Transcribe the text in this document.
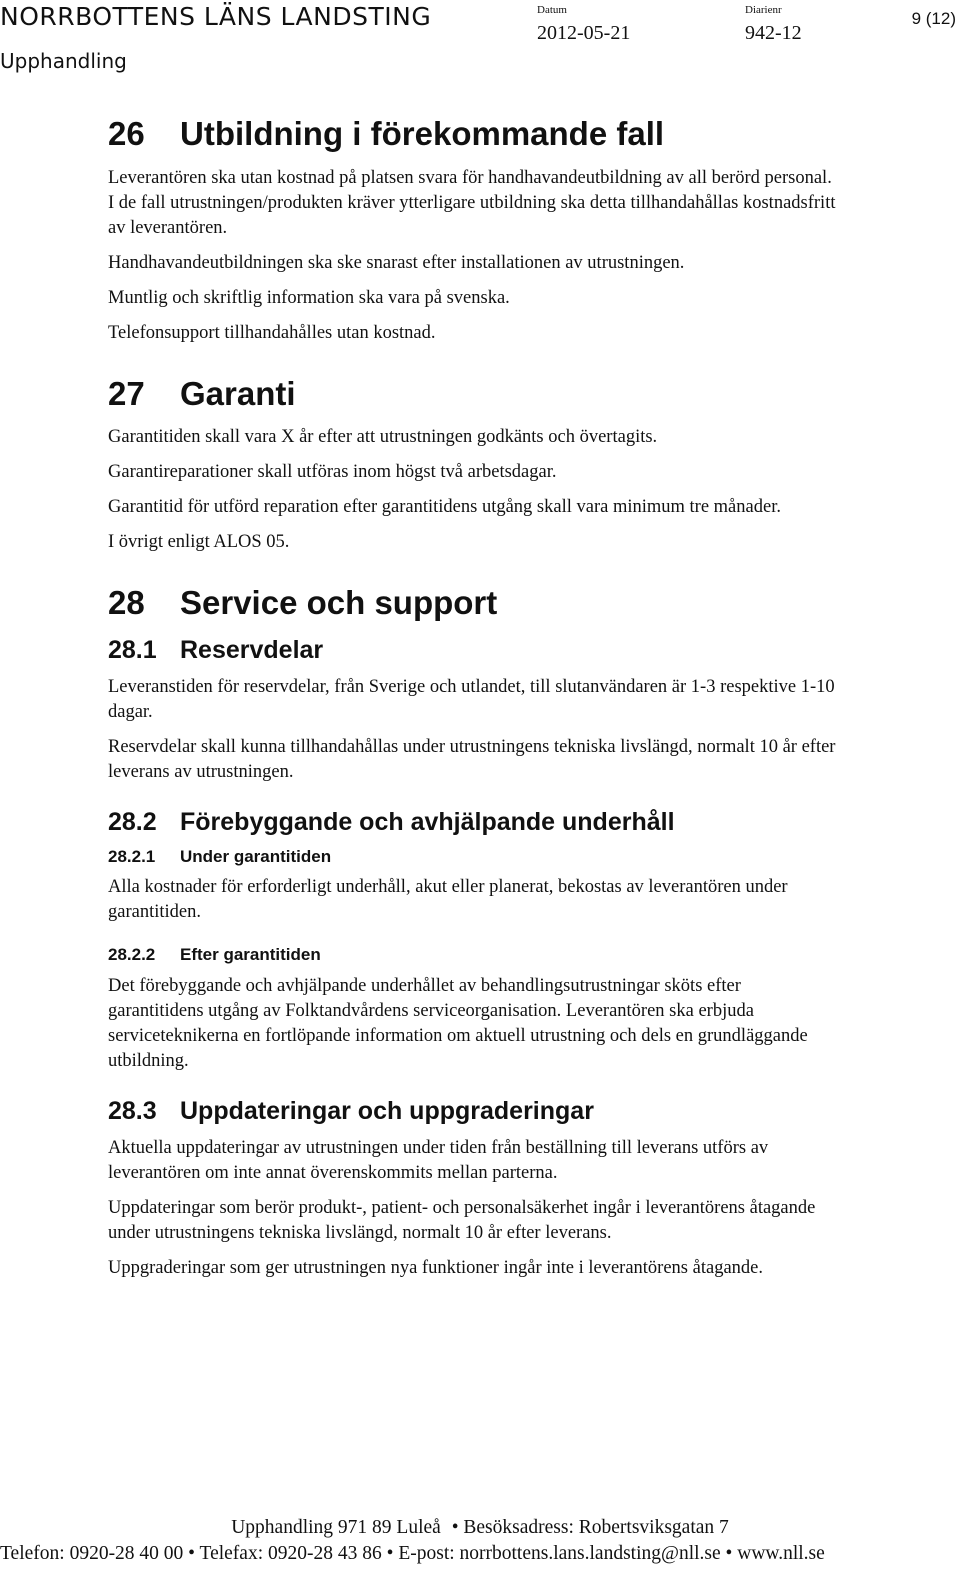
NORRBOTTENS LÄNS LANDSTING
Upphandling
Datum
2012-05-21
Diarienr
942-12
9 (12)
26	Utbildning i förekommande fall

Leverantören ska utan kostnad på platsen svara för handhavandeutbildning av all berörd personal. I de fall utrustningen/produkten kräver ytterligare utbildning ska detta tillhandahållas kostnadsfritt av leverantören.

Handhavandeutbildningen ska ske snarast efter installationen av utrustningen.

Muntlig och skriftlig information ska vara på svenska.

Telefonsupport tillhandahålles utan kostnad.

27	Garanti

Garantitiden skall vara X år efter att utrustningen godkänts och övertagits.

Garantireparationer skall utföras inom högst två arbetsdagar.

Garantitid för utförd reparation efter garantitidens utgång skall vara minimum tre månader.

I övrigt enligt ALOS 05.

28	Service och support
28.1 Reservdelar

Leveranstiden för reservdelar, från Sverige och utlandet, till slutanvändaren är 1-3 respektive 1-10 dagar.

Reservdelar skall kunna tillhandahållas under utrustningens tekniska livslängd, normalt 10 år efter leverans av utrustningen.

28.2 Förebyggande och avhjälpande underhåll
28.2.1	Under garantitiden

Alla kostnader för erforderligt underhåll, akut eller planerat, bekostas av leverantören under garantitiden.

28.2.2	Efter garantitiden

Det förebyggande och avhjälpande underhållet av behandlingsutrustningar sköts efter garantitidens utgång av Folktandvårdens serviceorganisation. Leverantören ska erbjuda serviceteknikerna en fortlöpande information om aktuell utrustning och dels en grundläggande utbildning.

28.3 Uppdateringar och uppgraderingar

Aktuella uppdateringar av utrustningen under tiden från beställning till leverans utförs av leverantören om inte annat överenskommits mellan parterna.

Uppdateringar som berör produkt-, patient- och personalsäkerhet ingår i leverantörens åtagande under utrustningens tekniska livslängd, normalt 10 år efter leverans.

Uppgraderingar som ger utrustningen nya funktioner ingår inte i leverantörens åtagande.

Upphandling 971 89 Luleå • Besöksadress: Robertsviksgatan 7
Telefon: 0920-28 40 00 • Telefax: 0920-28 43 86 • E-post: norrbottens.lans.landsting@nll.se • www.nll.se
